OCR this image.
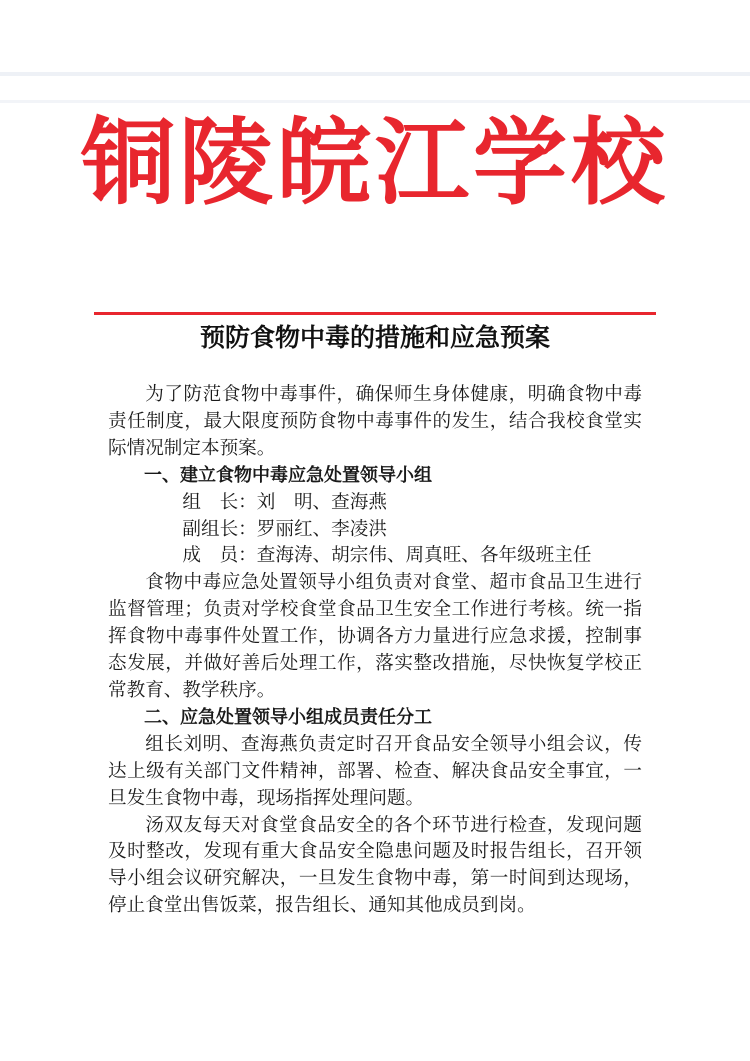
铜陵皖江学校
预防食物中毒的措施和应急预案

为了防范食物中毒事件，确保师生身体健康，明确食物中毒责任制度，最大限度预防食物中毒事件的发生，结合我校食堂实际情况制定本预案。

一、建立食物中毒应急处置领导小组

组　长：刘　明、查海燕

副组长：罗丽红、李凌洪

成　员：查海涛、胡宗伟、周真旺、各年级班主任

食物中毒应急处置领导小组负责对食堂、超市食品卫生进行监督管理；负责对学校食堂食品卫生安全工作进行考核。统一指挥食物中毒事件处置工作，协调各方力量进行应急求援，控制事态发展，并做好善后处理工作，落实整改措施，尽快恢复学校正常教育、教学秩序。

二、应急处置领导小组成员责任分工

组长刘明、查海燕负责定时召开食品安全领导小组会议，传达上级有关部门文件精神，部署、检查、解决食品安全事宜，一旦发生食物中毒，现场指挥处理问题。

汤双友每天对食堂食品安全的各个环节进行检查，发现问题及时整改，发现有重大食品安全隐患问题及时报告组长，召开领导小组会议研究解决，一旦发生食物中毒，第一时间到达现场，停止食堂出售饭菜，报告组长、通知其他成员到岗。
